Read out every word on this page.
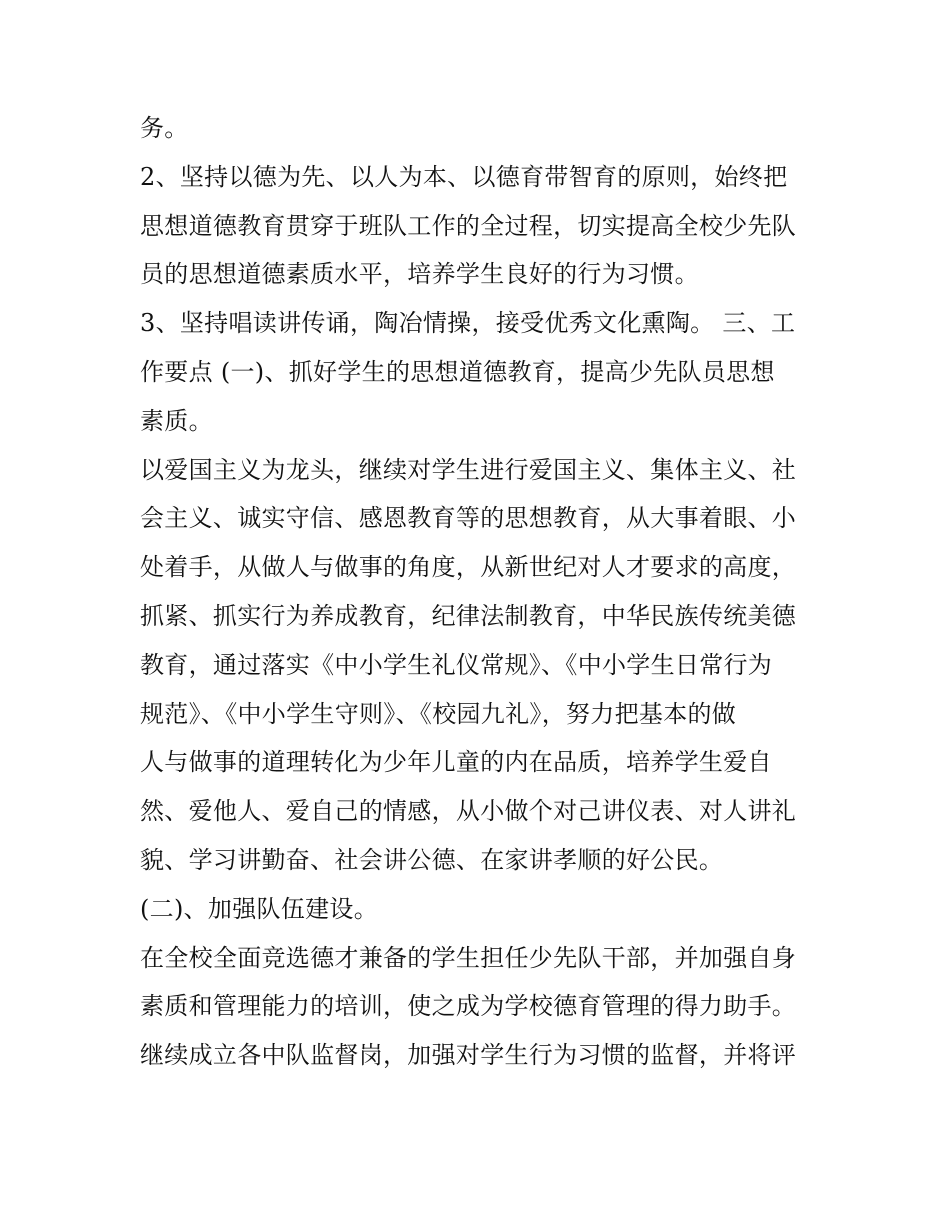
务。
2、坚持以德为先、以人为本、以德育带智育的原则，始终把
思想道德教育贯穿于班队工作的全过程，切实提高全校少先队
员的思想道德素质水平，培养学生良好的行为习惯。
3、坚持唱读讲传诵，陶冶情操，接受优秀文化熏陶。 三、工
作要点 (一)、抓好学生的思想道德教育，提高少先队员思想
素质。
以爱国主义为龙头，继续对学生进行爱国主义、集体主义、社
会主义、诚实守信、感恩教育等的思想教育，从大事着眼、小
处着手，从做人与做事的角度，从新世纪对人才要求的高度，
抓紧、抓实行为养成教育，纪律法制教育，中华民族传统美德
教育，通过落实《中小学生礼仪常规》、《中小学生日常行为
规范》、《中小学生守则》、《校园九礼》，努力把基本的做
人与做事的道理转化为少年儿童的内在品质，培养学生爱自
然、爱他人、爱自己的情感，从小做个对己讲仪表、对人讲礼
貌、学习讲勤奋、社会讲公德、在家讲孝顺的好公民。
(二)、加强队伍建设。
在全校全面竞选德才兼备的学生担任少先队干部，并加强自身
素质和管理能力的培训，使之成为学校德育管理的得力助手。
继续成立各中队监督岗，加强对学生行为习惯的监督，并将评
